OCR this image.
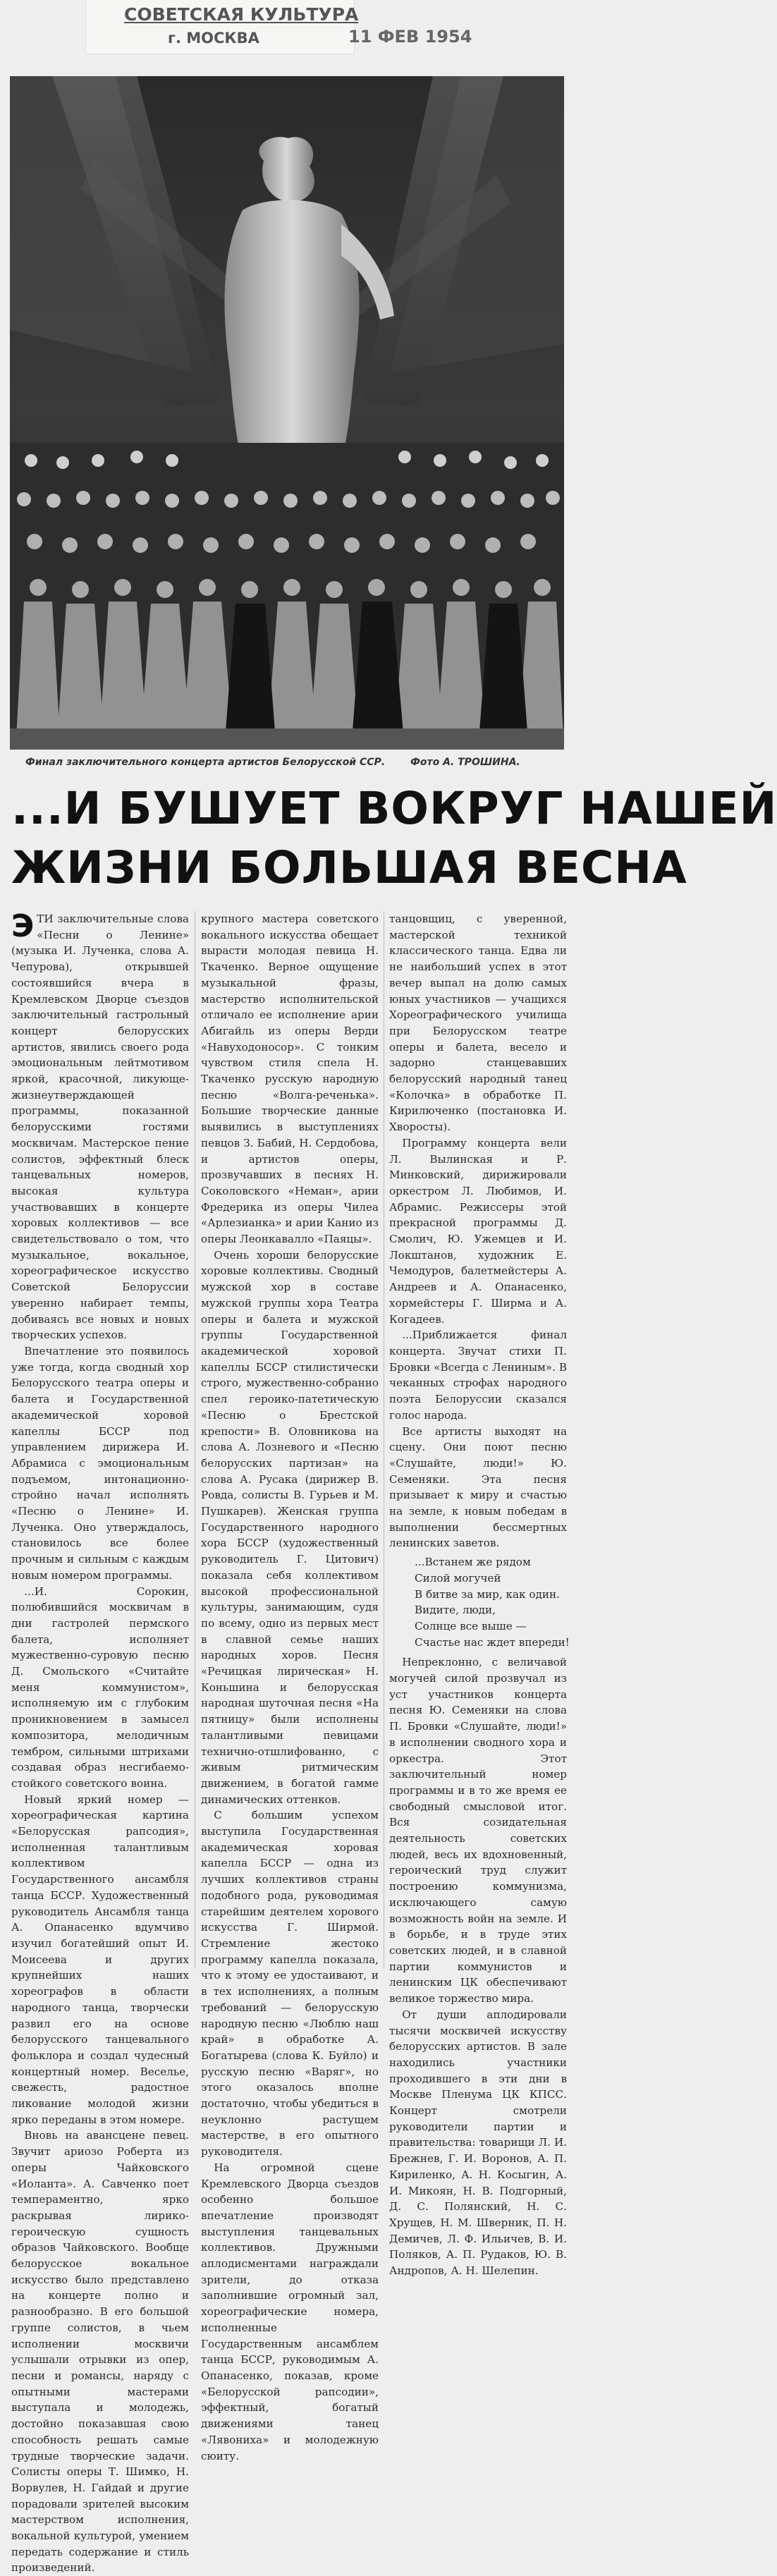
СОВЕТСКАЯ КУЛЬТУРА
г. МОСКВА	11 ФЕВ 1954
Финал заключительного концерта артистов Белорусской ССР.	Фото А. ТРОШИНА.
...И БУШУЕТ ВОКРУГ НАШЕЙ
ЖИЗНИ БОЛЬШАЯ ВЕСНА

ЭТИ заключительные слова «Песни о Ленине» (музыка И. Лученка, слова А. Чепурова), открывшей состоявшийся вчера в Кремлевском Дворце съездов заключительный гастрольный концерт белорусских артистов, явились своего рода эмоциональным лейтмотивом яркой, красочной, ликующе-жизнеутверждающей программы, показанной белорусскими гостями москвичам. Мастерское пение солистов, эффектный блеск танцевальных номеров, высокая культура участвовавших в концерте хоровых коллективов — все свидетельствовало о том, что музыкальное, вокальное, хореографическое искусство Советской Белоруссии уверенно набирает темпы, добиваясь все новых и новых творческих успехов.

Впечатление это появилось уже тогда, когда сводный хор Белорусского театра оперы и балета и Государственной академической хоровой капеллы БССР под управлением дирижера И. Абрамиса с эмоциональным подъемом, интонационно-стройно начал исполнять «Песню о Ленине» И. Лученка. Оно утверждалось, становилось все более прочным и сильным с каждым новым номером программы.

...И. Сорокин, полюбившийся москвичам в дни гастролей пермского балета, исполняет мужественно-суровую песню Д. Смольского «Считайте меня коммунистом», исполняемую им с глубоким проникновением в замысел композитора, мелодичным тембром, сильными штрихами создавая образ несгибаемо-стойкого советского воина.

Новый яркий номер — хореографическая картина «Белорусская рапсодия», исполненная талантливым коллективом Государственного ансамбля танца БССР. Художественный руководитель Ансамбля танца А. Опанасенко вдумчиво изучил богатейший опыт И. Моисеева и других крупнейших наших хореографов в области народного танца, творчески развил его на основе белорусского танцевального фольклора и создал чудесный концертный номер. Веселье, свежесть, радостное ликование молодой жизни ярко переданы в этом номере.

Вновь на авансцене певец. Звучит ариозо Роберта из оперы Чайковского «Иоланта». А. Савченко поет темпераментно, ярко раскрывая лирико-героическую сущность образов Чайковского. Вообще белорусское вокальное искусство было представлено на концерте полно и разнообразно. В его большой группе солистов, в чьем исполнении москвичи услышали отрывки из опер, песни и романсы, наряду с опытными мастерами выступала и молодежь, достойно показавшая свою способность решать самые трудные творческие задачи. Солисты оперы Т. Шимко, Н. Ворвулев, Н. Гайдай и другие порадовали зрителей высоким мастерством исполнения, вокальной культурой, умением передать содержание и стиль произведений.

крупного мастера советского вокального искусства обещает вырасти молодая певица Н. Ткаченко. Верное ощущение музыкальной фразы, мастерство исполнительской отличало ее исполнение арии Абигайль из оперы Верди «Навуходоносор». С тонким чувством стиля спела Н. Ткаченко русскую народную песню «Волга-реченька». Большие творческие данные выявились в выступлениях певцов З. Бабий, Н. Сердобова, и артистов оперы, прозвучавших в песнях Н. Соколовского «Неман», арии Фредерика из оперы Чилеа «Арлезианка» и арии Канио из оперы Леонкавалло «Паяцы».

Очень хороши белорусские хоровые коллективы. Сводный мужской хор в составе мужской группы хора Театра оперы и балета и мужской группы Государственной академической хоровой капеллы БССР стилистически строго, мужественно-собранно спел героико-патетическую «Песню о Брестской крепости» В. Оловникова на слова А. Лозневого и «Песню белорусских партизан» на слова А. Русака (дирижер В. Ровда, солисты В. Гурьев и М. Пушкарев). Женская группа Государственного народного хора БССР (художественный руководитель Г. Цитович) показала себя коллективом высокой профессиональной культуры, занимающим, судя по всему, одно из первых мест в славной семье наших народных хоров. Песня «Речицкая лирическая» Н. Коньшина и белорусская народная шуточная песня «На пятницу» были исполнены талантливыми певицами технично-отшлифованно, с живым ритмическим движением, в богатой гамме динамических оттенков.

С большим успехом выступила Государственная академическая хоровая капелла БССР — одна из лучших коллективов страны подобного рода, руководимая старейшим деятелем хорового искусства Г. Ширмой. Стремление жестоко программу капелла показала, что к этому ее удостаивают, и в тех исполнениях, а полным требований — белорусскую народную песню «Люблю наш край» в обработке А. Богатырева (слова К. Буйло) и русскую песню «Варяг», но этого оказалось вполне достаточно, чтобы убедиться в неуклонно растущем мастерстве, в его опытного руководителя.

На огромной сцене Кремлевского Дворца съездов особенно большое впечатление производят выступления танцевальных коллективов. Дружными аплодисментами награждали зрители, до отказа заполнившие огромный зал, хореографические номера, исполненные Государственным ансамблем танца БССР, руководимым А. Опанасенко, показав, кроме «Белорусской рапсодии», эффектный, богатый движениями танец «Лявониха» и молодежную сюиту.

танцовщиц, с уверенной, мастерской техникой классического танца. Едва ли не наибольший успех в этот вечер выпал на долю самых юных участников — учащихся Хореографического училища при Белорусском театре оперы и балета, весело и задорно станцевавших белорусский народный танец «Колочка» в обработке П. Кирилюченко (постановка И. Хворосты).

Программу концерта вели Л. Вылинская и Р. Минковский, дирижировали оркестром Л. Любимов, И. Абрамис. Режиссеры этой прекрасной программы Д. Смолич, Ю. Ужемцев и И. Локштанов, художник Е. Чемодуров, балетмейстеры А. Андреев и А. Опанасенко, хормейстеры Г. Ширма и А. Когадеев.

...Приближается финал концерта. Звучат стихи П. Бровки «Всегда с Лениным». В чеканных строфах народного поэта Белоруссии сказался голос народа.

Все артисты выходят на сцену. Они поют песню «Слушайте, люди!» Ю. Семеняки. Эта песня призывает к миру и счастью на земле, к новым победам в выполнении бессмертных ленинских заветов.

...Встанем же рядом
Силой могучей
В битве за мир, как один.
Видите, люди,
Солнце все выше —
Счастье нас ждет впереди!

Непреклонно, с величавой могучей силой прозвучал из уст участников концерта песня Ю. Семеняки на слова П. Бровки «Слушайте, люди!» в исполнении сводного хора и оркестра. Этот заключительный номер программы и в то же время ее свободный смысловой итог. Вся созидательная деятельность советских людей, весь их вдохновенный, героический труд служит построению коммунизма, исключающего самую возможность войн на земле. И в борьбе, и в труде этих советских людей, и в славной партии коммунистов и ленинским ЦК обеспечивают великое торжество мира.

От души аплодировали тысячи москвичей искусству белорусских артистов. В зале находились участники проходившего в эти дни в Москве Пленума ЦК КПСС. Концерт смотрели руководители партии и правительства: товарищи Л. И. Брежнев, Г. И. Воронов, А. П. Кириленко, А. Н. Косыгин, А. И. Микоян, Н. В. Подгорный, Д. С. Полянский, Н. С. Хрущев, Н. М. Шверник, П. Н. Демичев, Л. Ф. Ильичев, В. И. Поляков, А. П. Рудаков, Ю. В. Андропов, А. Н. Шелепин.
